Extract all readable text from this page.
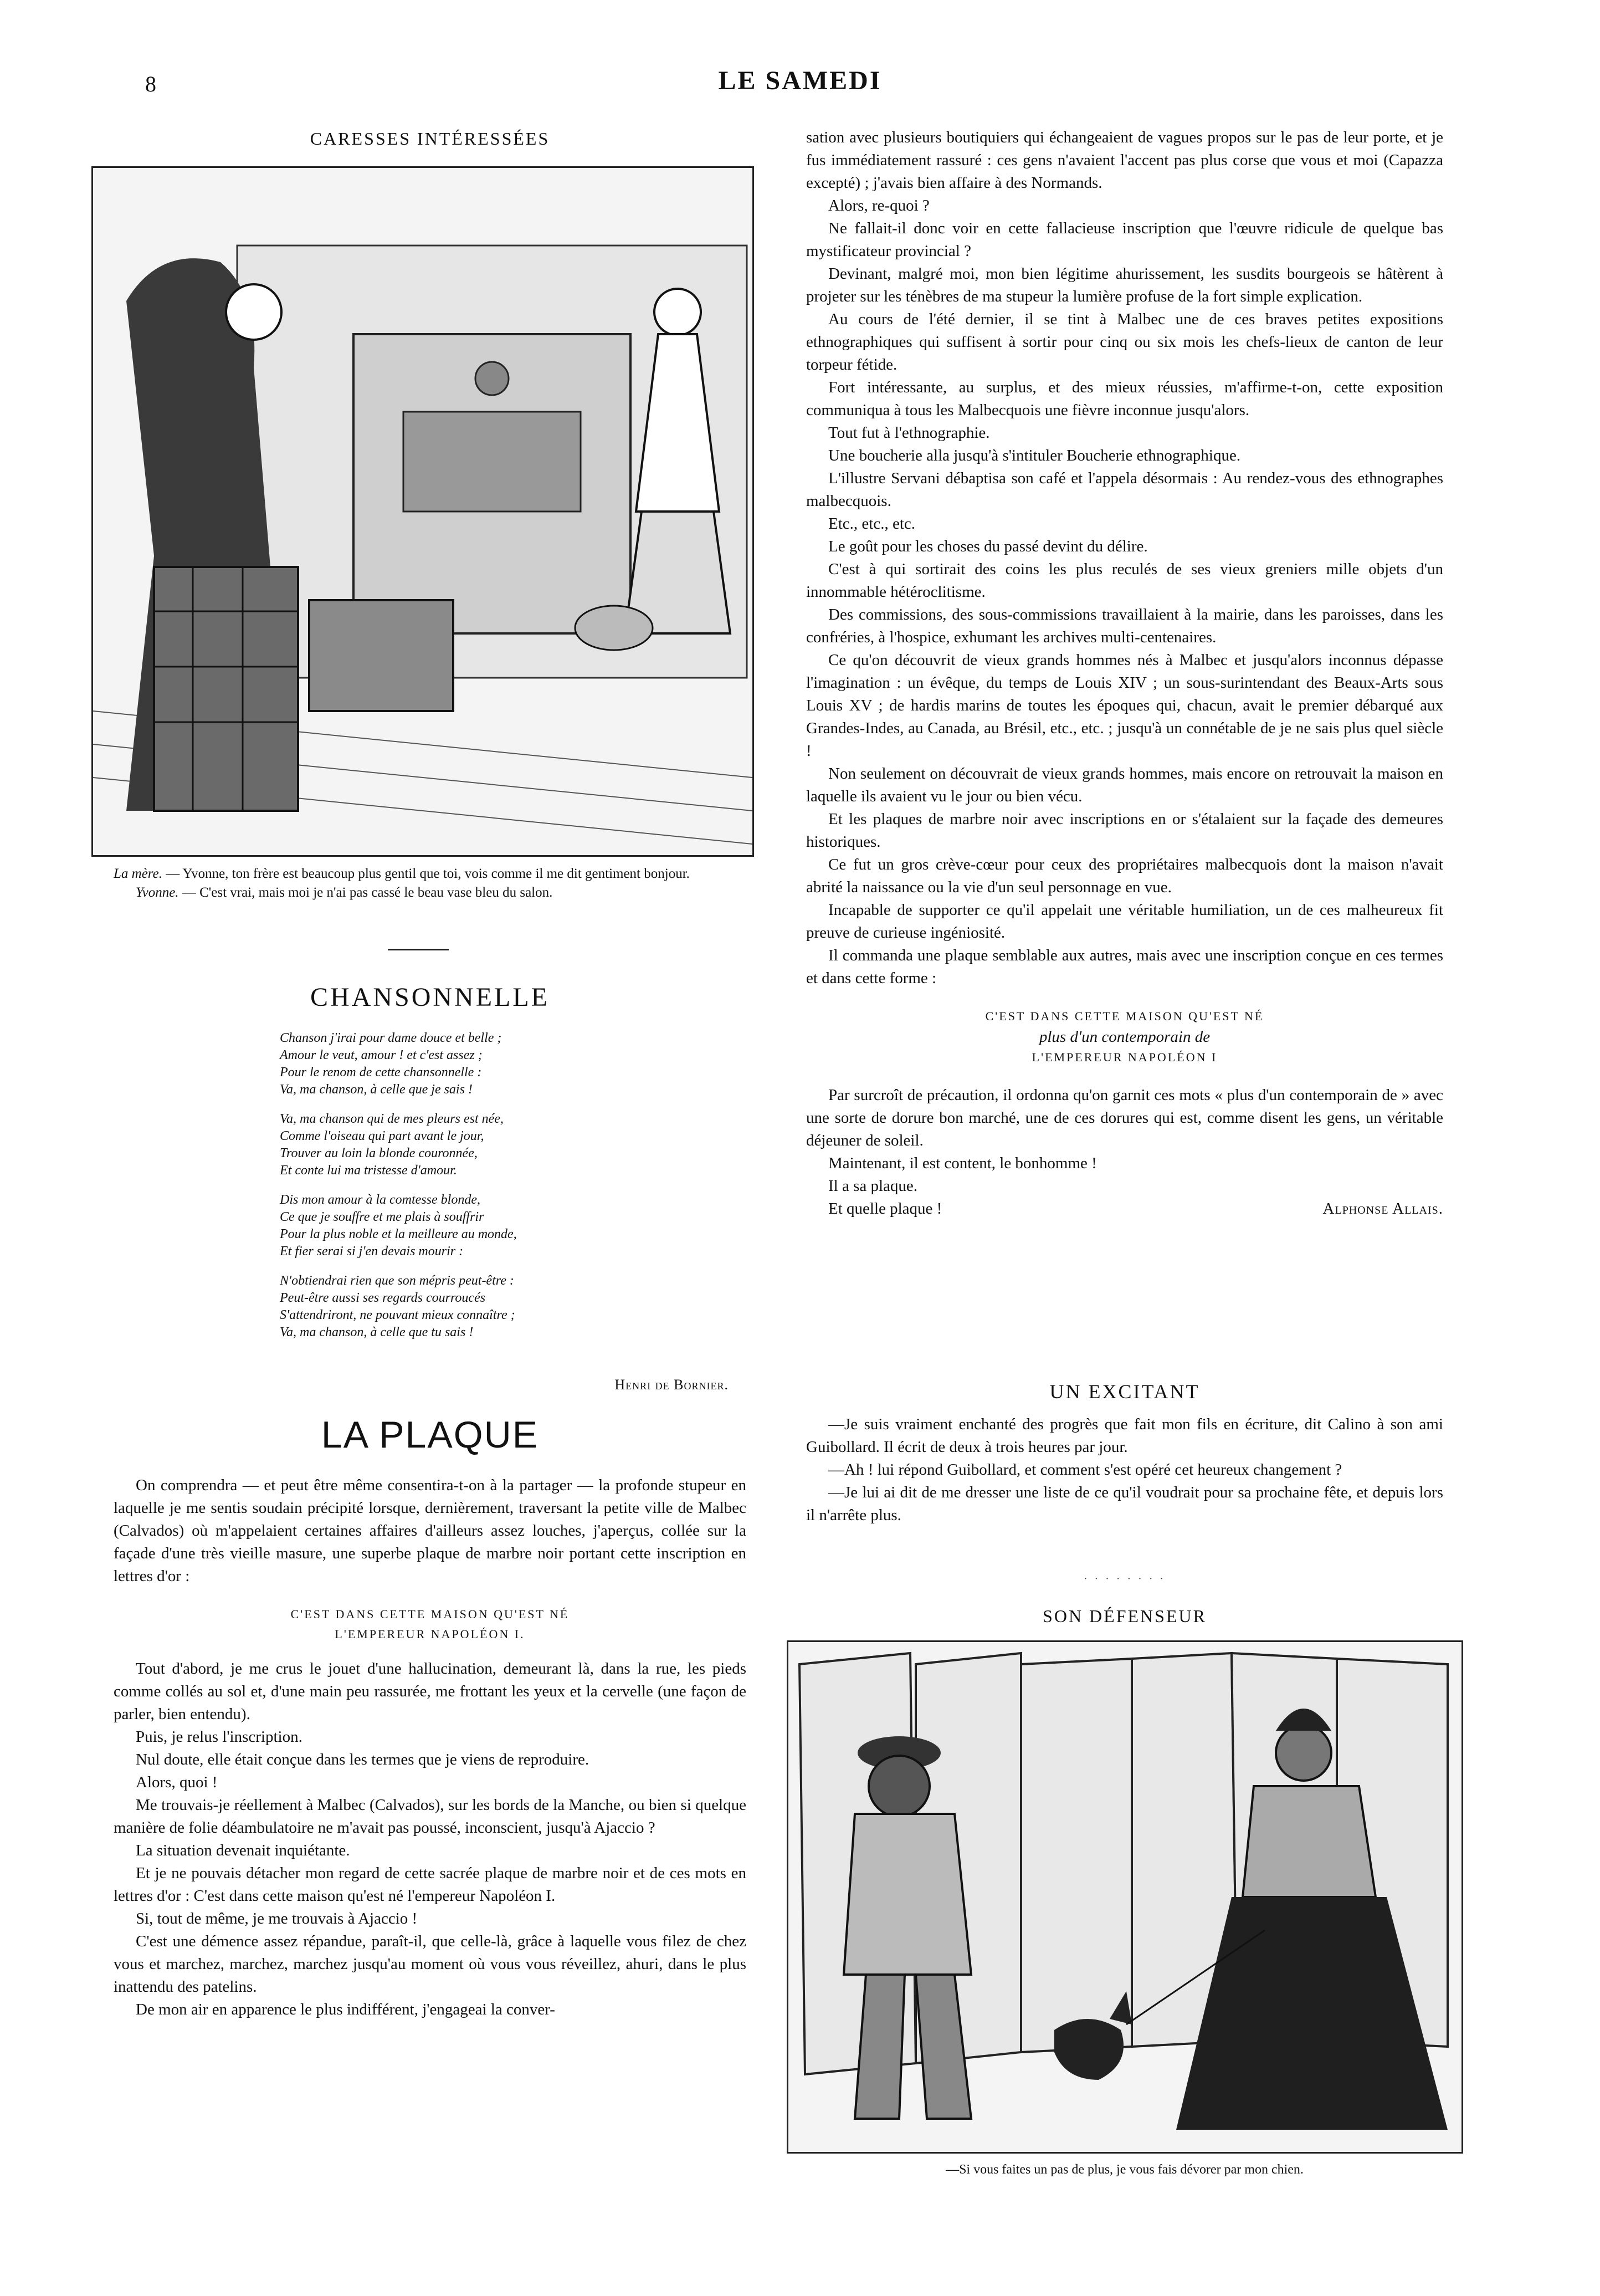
8	LE SAMEDI
CARESSES INTÉRESSÉES
La mère. — Yvonne, ton frère est beaucoup plus gentil que toi, vois comme il me dit gentiment bonjour.
Yvonne. — C'est vrai, mais moi je n'ai pas cassé le beau vase bleu du salon.
CHANSONNELLE
Chanson j'irai pour dame douce et belle ;
Amour le veut, amour ! et c'est assez ;
Pour le renom de cette chansonnelle :
Va, ma chanson, à celle que je sais !
Va, ma chanson qui de mes pleurs est née,
Comme l'oiseau qui part avant le jour,
Trouver au loin la blonde couronnée,
Et conte lui ma tristesse d'amour.
Dis mon amour à la comtesse blonde,
Ce que je souffre et me plais à souffrir
Pour la plus noble et la meilleure au monde,
Et fier serai si j'en devais mourir :
N'obtiendrai rien que son mépris peut-être :
Peut-être aussi ses regards courroucés
S'attendriront, ne pouvant mieux connaître ;
Va, ma chanson, à celle que tu sais !
Henri de Bornier.
LA PLAQUE

On comprendra — et peut être même consentira-t-on à la partager — la profonde stupeur en laquelle je me sentis soudain précipité lorsque, dernièrement, traversant la petite ville de Malbec (Calvados) où m'appelaient certaines affaires d'ailleurs assez louches, j'aperçus, collée sur la façade d'une très vieille masure, une superbe plaque de marbre noir portant cette inscription en lettres d'or :

C'EST DANS CETTE MAISON QU'EST NÉ
L'EMPEREUR NAPOLÉON I.

Tout d'abord, je me crus le jouet d'une hallucination, demeurant là, dans la rue, les pieds comme collés au sol et, d'une main peu rassurée, me frottant les yeux et la cervelle (une façon de parler, bien entendu).

Puis, je relus l'inscription.

Nul doute, elle était conçue dans les termes que je viens de reproduire.

Alors, quoi !

Me trouvais-je réellement à Malbec (Calvados), sur les bords de la Manche, ou bien si quelque manière de folie déambulatoire ne m'avait pas poussé, inconscient, jusqu'à Ajaccio ?

La situation devenait inquiétante.

Et je ne pouvais détacher mon regard de cette sacrée plaque de marbre noir et de ces mots en lettres d'or : C'est dans cette maison qu'est né l'empereur Napoléon I.

Si, tout de même, je me trouvais à Ajaccio !

C'est une démence assez répandue, paraît-il, que celle-là, grâce à laquelle vous filez de chez vous et marchez, marchez, marchez jusqu'au moment où vous vous réveillez, ahuri, dans le plus inattendu des patelins.

De mon air en apparence le plus indifférent, j'engageai la conver-

sation avec plusieurs boutiquiers qui échangeaient de vagues propos sur le pas de leur porte, et je fus immédiatement rassuré : ces gens n'avaient l'accent pas plus corse que vous et moi (Capazza excepté) ; j'avais bien affaire à des Normands.

Alors, re-quoi ?

Ne fallait-il donc voir en cette fallacieuse inscription que l'œuvre ridicule de quelque bas mystificateur provincial ?

Devinant, malgré moi, mon bien légitime ahurissement, les susdits bourgeois se hâtèrent à projeter sur les ténèbres de ma stupeur la lumière profuse de la fort simple explication.

Au cours de l'été dernier, il se tint à Malbec une de ces braves petites expositions ethnographiques qui suffisent à sortir pour cinq ou six mois les chefs-lieux de canton de leur torpeur fétide.

Fort intéressante, au surplus, et des mieux réussies, m'affirme-t-on, cette exposition communiqua à tous les Malbecquois une fièvre inconnue jusqu'alors.

Tout fut à l'ethnographie.

Une boucherie alla jusqu'à s'intituler Boucherie ethnographique.

L'illustre Servani débaptisa son café et l'appela désormais : Au rendez-vous des ethnographes malbecquois.

Etc., etc., etc.

Le goût pour les choses du passé devint du délire.

C'est à qui sortirait des coins les plus reculés de ses vieux greniers mille objets d'un innommable hétéroclitisme.

Des commissions, des sous-commissions travaillaient à la mairie, dans les paroisses, dans les confréries, à l'hospice, exhumant les archives multi-centenaires.

Ce qu'on découvrit de vieux grands hommes nés à Malbec et jusqu'alors inconnus dépasse l'imagination : un évêque, du temps de Louis XIV ; un sous-surintendant des Beaux-Arts sous Louis XV ; de hardis marins de toutes les époques qui, chacun, avait le premier débarqué aux Grandes-Indes, au Canada, au Brésil, etc., etc. ; jusqu'à un connétable de je ne sais plus quel siècle !

Non seulement on découvrait de vieux grands hommes, mais encore on retrouvait la maison en laquelle ils avaient vu le jour ou bien vécu.

Et les plaques de marbre noir avec inscriptions en or s'étalaient sur la façade des demeures historiques.

Ce fut un gros crève-cœur pour ceux des propriétaires malbecquois dont la maison n'avait abrité la naissance ou la vie d'un seul personnage en vue.

Incapable de supporter ce qu'il appelait une véritable humiliation, un de ces malheureux fit preuve de curieuse ingéniosité.

Il commanda une plaque semblable aux autres, mais avec une inscription conçue en ces termes et dans cette forme :

C'EST DANS CETTE MAISON QU'EST NÉ
plus d'un contemporain de
L'EMPEREUR NAPOLÉON I

Par surcroît de précaution, il ordonna qu'on garnit ces mots « plus d'un contemporain de » avec une sorte de dorure bon marché, une de ces dorures qui est, comme disent les gens, un véritable déjeuner de soleil.

Maintenant, il est content, le bonhomme !

Il a sa plaque.

Et quelle plaque !	Alphonse Allais.
UN EXCITANT

—Je suis vraiment enchanté des progrès que fait mon fils en écriture, dit Calino à son ami Guibollard. Il écrit de deux à trois heures par jour.

—Ah ! lui répond Guibollard, et comment s'est opéré cet heureux changement ?

—Je lui ai dit de me dresser une liste de ce qu'il voudrait pour sa prochaine fête, et depuis lors il n'arrête plus.

· · · · · · · ·
SON DÉFENSEUR
—Si vous faites un pas de plus, je vous fais dévorer par mon chien.
